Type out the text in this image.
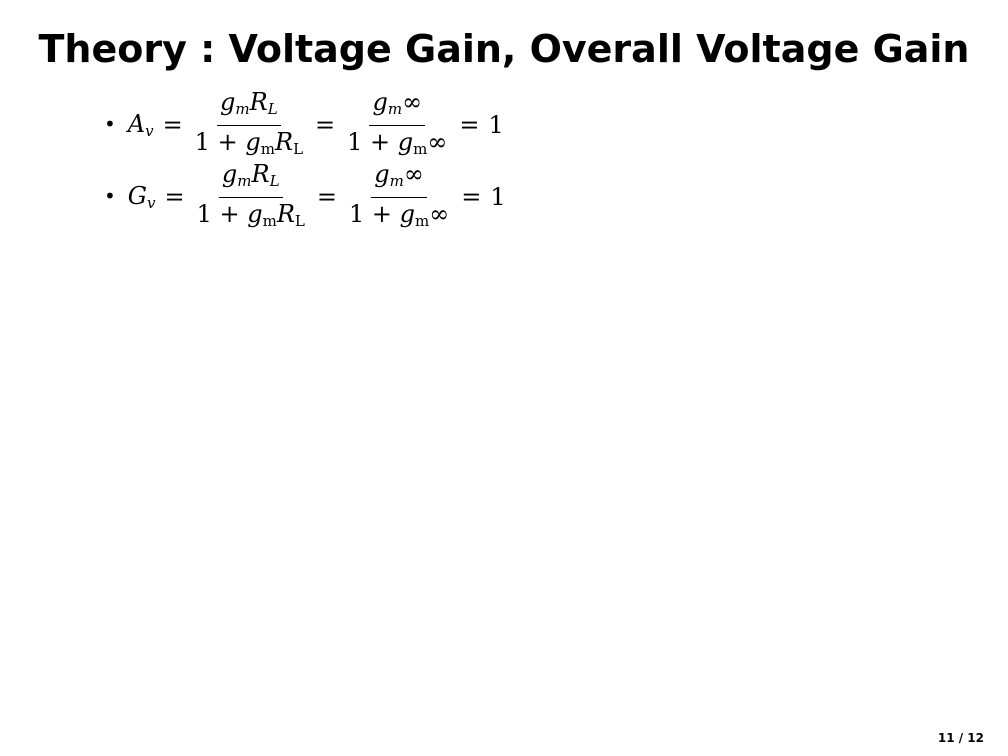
Theory : Voltage Gain, Overall Voltage Gain
• $A_v = \frac{g_mR_L}{1 + g_mR_L} = \frac{g_m\infty}{1 + g_m\infty} = 1$
• $G_v = \frac{g_mR_L}{1 + g_mR_L} = \frac{g_m\infty}{1 + g_m\infty} = 1$
11 / 12
